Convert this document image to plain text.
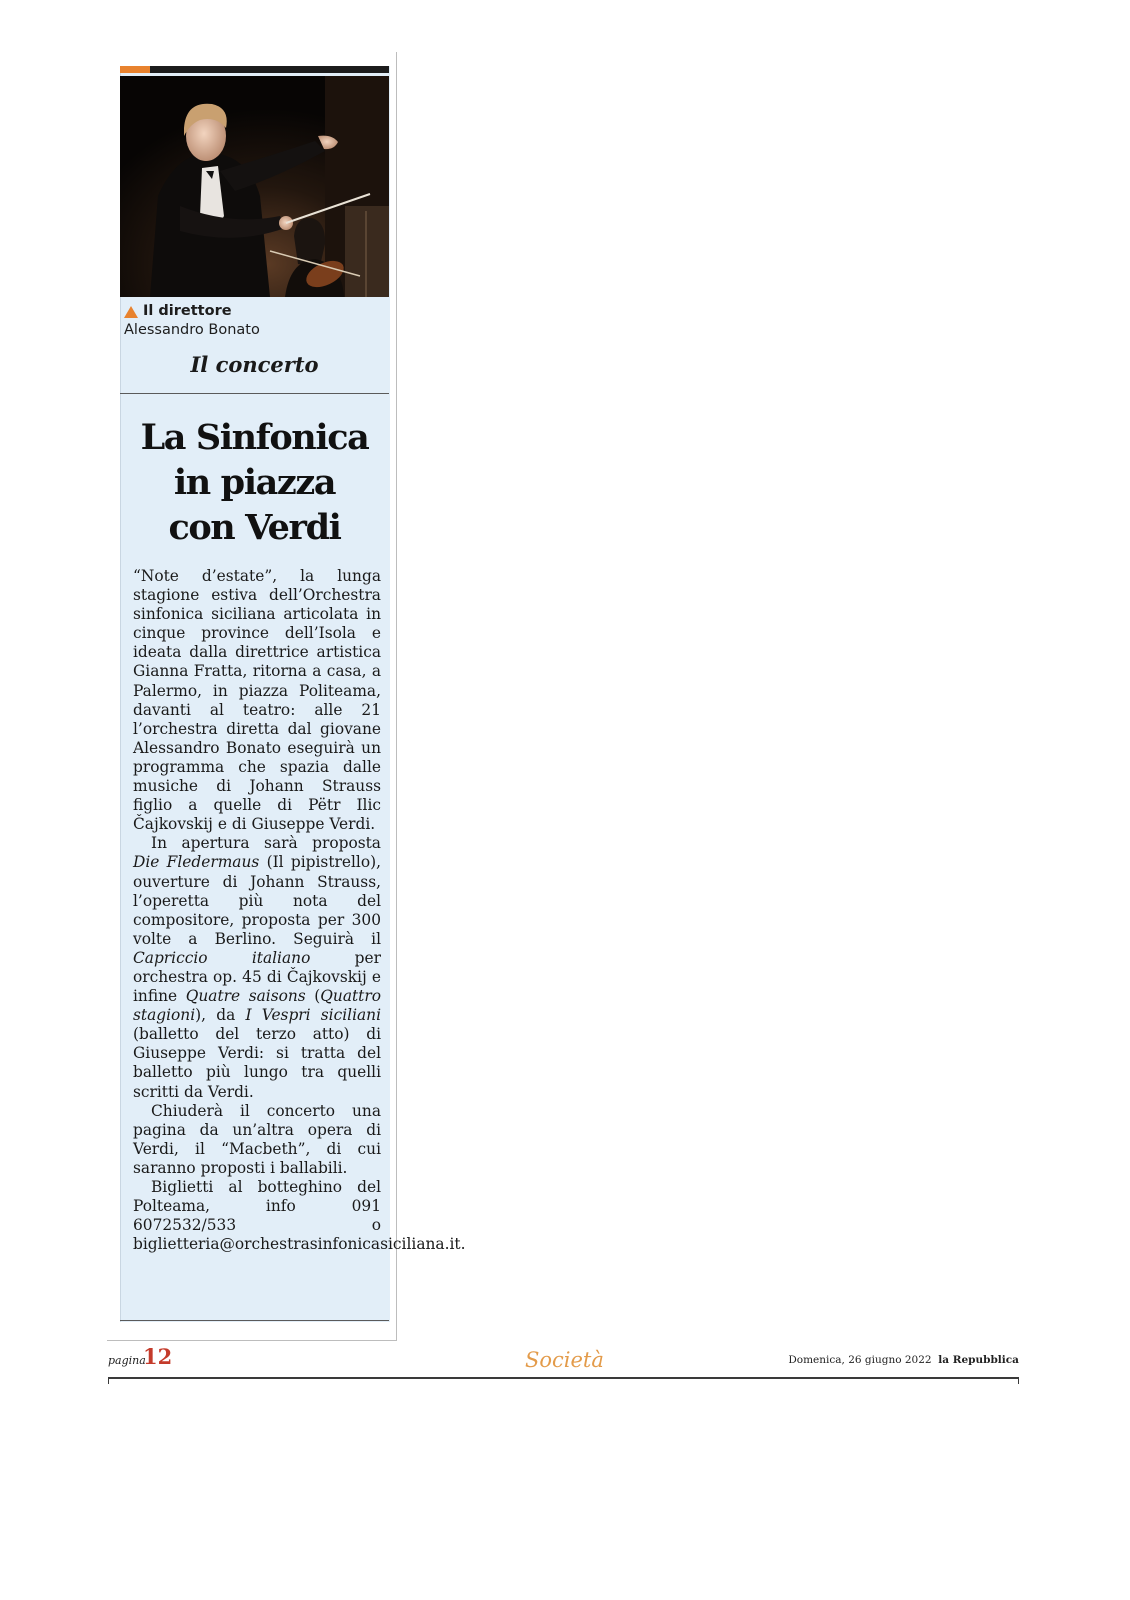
Il direttore
Alessandro Bonato
Il concerto
La Sinfonica
in piazza
con Verdi

“Note d’estate”, la lunga stagione estiva dell’Orchestra sinfonica siciliana articolata in cinque province dell’Isola e ideata dalla direttrice artistica Gianna Fratta, ritorna a casa, a Palermo, in piazza Politeama, davanti al teatro: alle 21 l’orchestra diretta dal giovane Alessandro Bonato eseguirà un programma che spazia dalle musiche di Johann Strauss figlio a quelle di Pëtr Ilic Čajkovskij e di Giuseppe Verdi.

In apertura sarà proposta Die Fledermaus (Il pipistrello), ouverture di Johann Strauss, l’operetta più nota del compositore, proposta per 300 volte a Berlino. Seguirà il Capriccio italiano per orchestra op. 45 di Čajkovskij e infine Quatre saisons (Quattro stagioni), da I Vespri siciliani (balletto del terzo atto) di Giuseppe Verdi: si tratta del balletto più lungo tra quelli scritti da Verdi.

Chiuderà il concerto una pagina da un’altra opera di Verdi, il “Macbeth”, di cui saranno proposti i ballabili.

Biglietti al botteghino del Polteama, info 091 6072532/533 o biglietteria@orchestrasinfonicasiciliana.it.

pagina
12	Società	Domenica, 26 giugno 2022 la Repubblica
